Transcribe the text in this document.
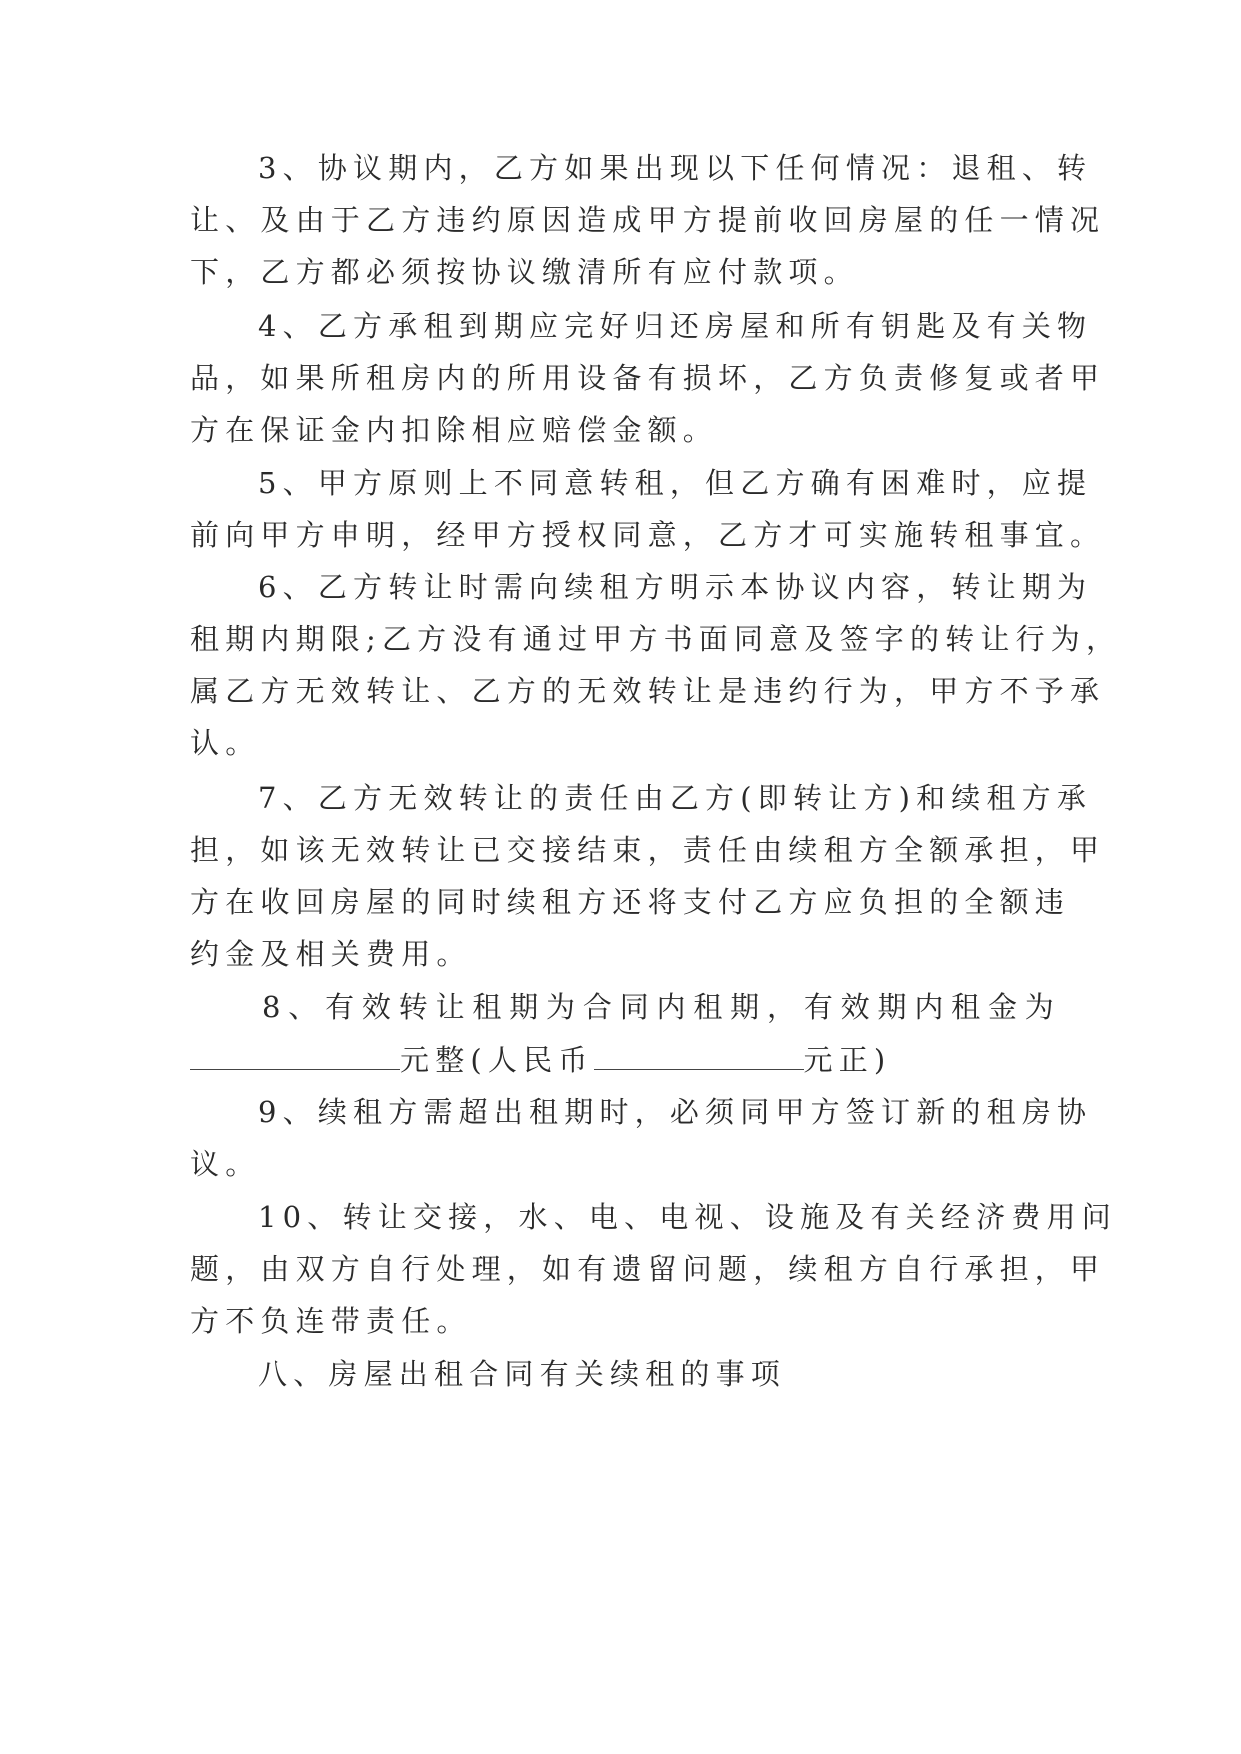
3、协议期内，乙方如果出现以下任何情况：退租、转
让、及由于乙方违约原因造成甲方提前收回房屋的任一情况
下，乙方都必须按协议缴清所有应付款项。
4、乙方承租到期应完好归还房屋和所有钥匙及有关物
品，如果所租房内的所用设备有损坏，乙方负责修复或者甲
方在保证金内扣除相应赔偿金额。
5、甲方原则上不同意转租，但乙方确有困难时，应提
前向甲方申明，经甲方授权同意，乙方才可实施转租事宜。
6、乙方转让时需向续租方明示本协议内容，转让期为
租期内期限;乙方没有通过甲方书面同意及签字的转让行为，
属乙方无效转让、乙方的无效转让是违约行为，甲方不予承
认。
7、乙方无效转让的责任由乙方(即转让方)和续租方承
担，如该无效转让已交接结束，责任由续租方全额承担，甲
方在收回房屋的同时续租方还将支付乙方应负担的全额违
约金及相关费用。
8、有效转让租期为合同内租期，有效期内租金为
元整(人民币	元正)
9、续租方需超出租期时，必须同甲方签订新的租房协
议。
10、转让交接，水、电、电视、设施及有关经济费用问
题，由双方自行处理，如有遗留问题，续租方自行承担，甲
方不负连带责任。
八、房屋出租合同有关续租的事项
